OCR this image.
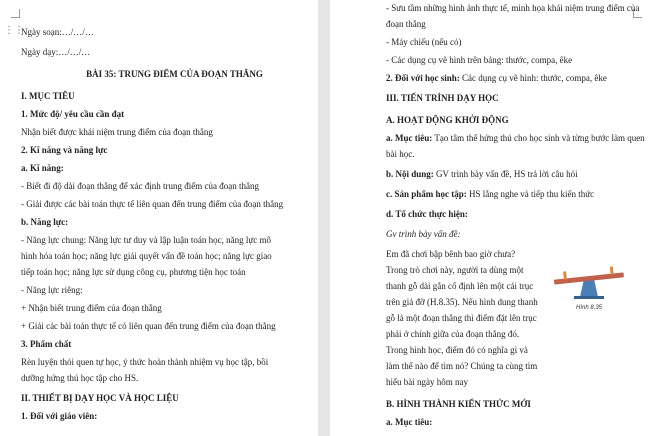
⋮⋮
Ngày soạn:…/…/…
Ngày dạy:…/…/…
BÀI 35: TRUNG ĐIỂM CỦA ĐOẠN THẲNG
I. MỤC TIÊU
1. Mức độ/ yêu cầu cần đạt
Nhận biết được khái niệm trung điểm của đoạn thẳng
2. Kĩ năng và năng lực
a. Kĩ năng:
- Biết đi độ dài đoạn thẳng để xác định trung điểm của đoạn thẳng
- Giải được các bài toán thực tế liên quan đến trung điểm của đoạn thẳng
b. Năng lực:
- Năng lực chung: Năng lực tư duy và lập luận toán học, năng lực mô
hình hóa toán học; năng lực giải quyết vấn đề toán học; năng lực giao
tiếp toán học; năng lực sử dụng công cụ, phương tiện học toán
- Năng lực riêng:
+ Nhận biết trung điểm của đoạn thẳng
+ Giải các bài toán thực tế có liên quan đến trung điểm của đoạn thẳng
3. Phẩm chất
Rèn luyện thói quen tự học, ý thức hoàn thành nhiệm vụ học tập, bồi
dưỡng hứng thú học tập cho HS.
II. THIẾT BỊ DẠY HỌC VÀ HỌC LIỆU
1. Đối với giáo viên:
- Sưu tầm những hình ảnh thực tế, minh họa khái niệm trung điểm của
đoạn thẳng
- Máy chiếu (nếu có)
- Các dụng cụ vẽ hình trên bảng: thước, compa, êke
2. Đối với học sinh: Các dụng cụ vẽ hình: thước, compa, êke
III. TIẾN TRÌNH DẠY HỌC
A. HOẠT ĐỘNG KHỞI ĐỘNG
a. Mục tiêu: Tạo tâm thế hứng thú cho học sinh và từng bước làm quen
bài học.
b. Nội dung: GV trình bày vấn đề, HS trả lời câu hỏi
c. Sản phẩm học tập: HS lắng nghe và tiếp thu kiến thức
d. Tổ chức thực hiện:
Gv trình bày vấn đề:
Em đã chơi bập bênh bao giờ chưa?
Trong trò chơi này, người ta dùng một
thanh gỗ dài gắn cố định lên một cái trục
trên giá đỡ (H.8.35). Nếu hình dung thanh
gỗ là một đoạn thẳng thì điểm đặt lên trục
phải ở chính giữa của đoạn thẳng đó.
Trong hình học, điểm đó có nghĩa gì và
làm thế nào để tìm nó? Chúng ta cùng tìm
hiểu bài ngày hôm nay
B. HÌNH THÀNH KIẾN THỨC MỚI
a. Mục tiêu:
Hình 8.35
